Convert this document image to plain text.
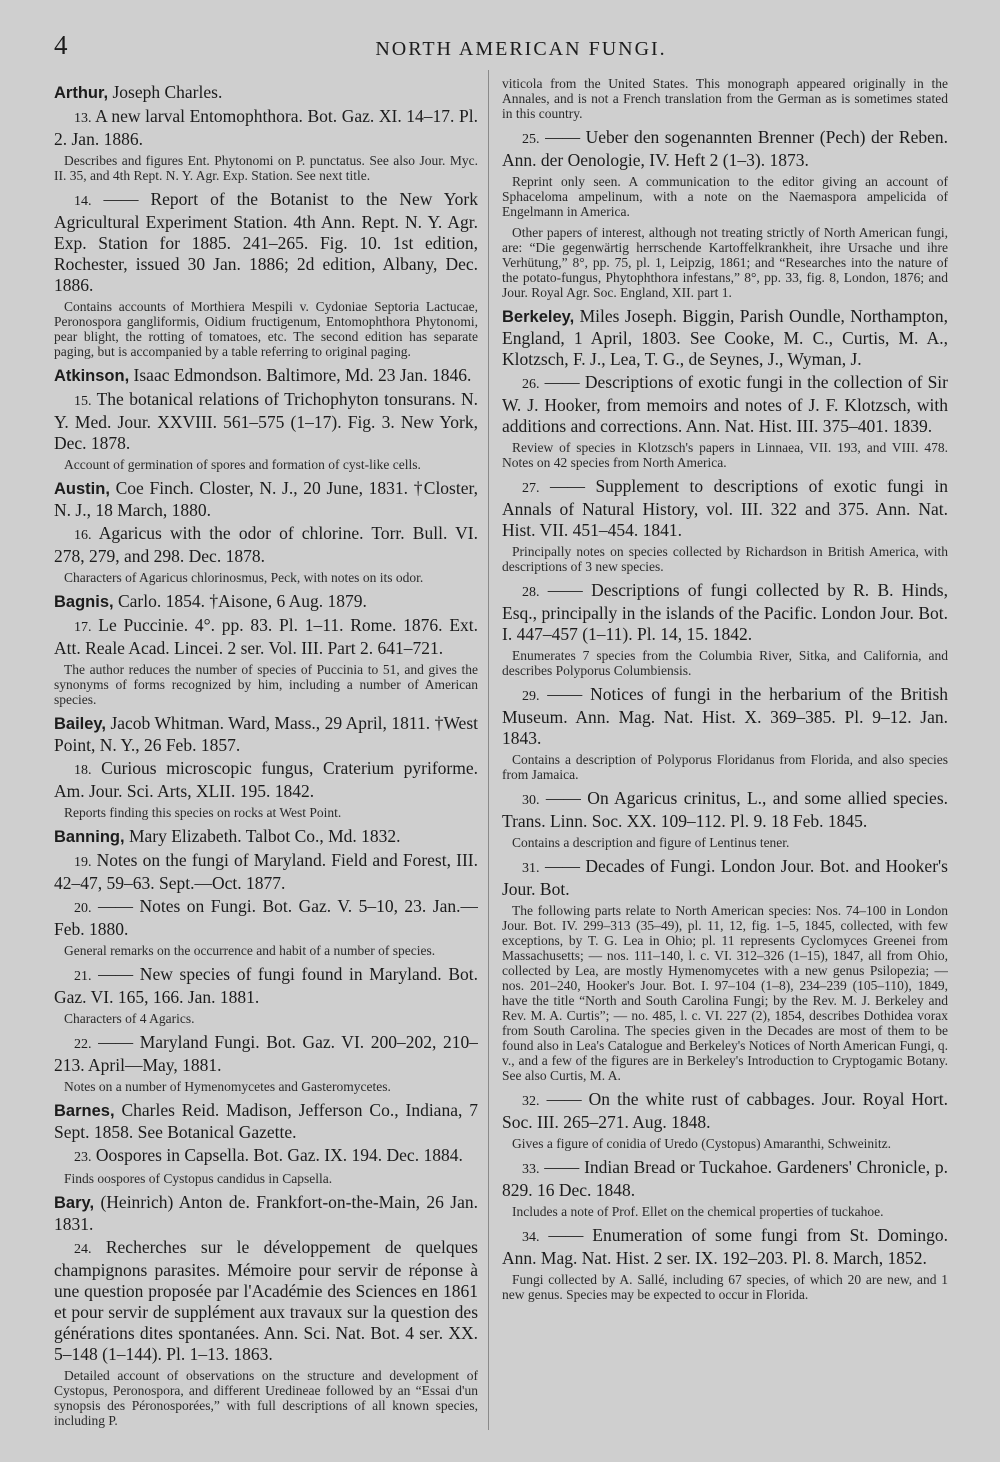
4	NORTH AMERICAN FUNGI.

Arthur, Joseph Charles.

13. A new larval Entomophthora. Bot. Gaz. XI. 14–17. Pl. 2. Jan. 1886.

Describes and figures Ent. Phytonomi on P. punctatus. See also Jour. Myc. II. 35, and 4th Rept. N. Y. Agr. Exp. Station. See next title.

14. —— Report of the Botanist to the New York Agricultural Experiment Station. 4th Ann. Rept. N. Y. Agr. Exp. Station for 1885. 241–265. Fig. 10. 1st edition, Rochester, issued 30 Jan. 1886; 2d edition, Albany, Dec. 1886.

Contains accounts of Morthiera Mespili v. Cydoniae Septoria Lactucae, Peronospora gangliformis, Oidium fructigenum, Entomophthora Phytonomi, pear blight, the rotting of tomatoes, etc. The second edition has separate paging, but is accompanied by a table referring to original paging.

Atkinson, Isaac Edmondson. Baltimore, Md. 23 Jan. 1846.

15. The botanical relations of Trichophyton tonsurans. N. Y. Med. Jour. XXVIII. 561–575 (1–17). Fig. 3. New York, Dec. 1878.

Account of germination of spores and formation of cyst-like cells.

Austin, Coe Finch. Closter, N. J., 20 June, 1831. †Closter, N. J., 18 March, 1880.

16. Agaricus with the odor of chlorine. Torr. Bull. VI. 278, 279, and 298. Dec. 1878.

Characters of Agaricus chlorinosmus, Peck, with notes on its odor.

Bagnis, Carlo. 1854. †Aisone, 6 Aug. 1879.

17. Le Puccinie. 4°. pp. 83. Pl. 1–11. Rome. 1876. Ext. Att. Reale Acad. Lincei. 2 ser. Vol. III. Part 2. 641–721.

The author reduces the number of species of Puccinia to 51, and gives the synonyms of forms recognized by him, including a number of American species.

Bailey, Jacob Whitman. Ward, Mass., 29 April, 1811. †West Point, N. Y., 26 Feb. 1857.

18. Curious microscopic fungus, Craterium pyriforme. Am. Jour. Sci. Arts, XLII. 195. 1842.

Reports finding this species on rocks at West Point.

Banning, Mary Elizabeth. Talbot Co., Md. 1832.

19. Notes on the fungi of Maryland. Field and Forest, III. 42–47, 59–63. Sept.—Oct. 1877.

20. —— Notes on Fungi. Bot. Gaz. V. 5–10, 23. Jan.—Feb. 1880.

General remarks on the occurrence and habit of a number of species.

21. —— New species of fungi found in Maryland. Bot. Gaz. VI. 165, 166. Jan. 1881.

Characters of 4 Agarics.

22. —— Maryland Fungi. Bot. Gaz. VI. 200–202, 210–213. April—May, 1881.

Notes on a number of Hymenomycetes and Gasteromycetes.

Barnes, Charles Reid. Madison, Jefferson Co., Indiana, 7 Sept. 1858. See Botanical Gazette.

23. Oospores in Capsella. Bot. Gaz. IX. 194. Dec. 1884.

Finds oospores of Cystopus candidus in Capsella.

Bary, (Heinrich) Anton de. Frankfort-on-the-Main, 26 Jan. 1831.

24. Recherches sur le développement de quelques champignons parasites. Mémoire pour servir de réponse à une question proposée par l'Académie des Sciences en 1861 et pour servir de supplément aux travaux sur la question des générations dites spontanées. Ann. Sci. Nat. Bot. 4 ser. XX. 5–148 (1–144). Pl. 1–13. 1863.

Detailed account of observations on the structure and development of Cystopus, Peronospora, and different Uredineae followed by an “Essai d'un synopsis des Péronosporées,” with full descriptions of all known species, including P.

viticola from the United States. This monograph appeared originally in the Annales, and is not a French translation from the German as is sometimes stated in this country.

25. —— Ueber den sogenannten Brenner (Pech) der Reben. Ann. der Oenologie, IV. Heft 2 (1–3). 1873.

Reprint only seen. A communication to the editor giving an account of Sphaceloma ampelinum, with a note on the Naemaspora ampelicida of Engelmann in America.

Other papers of interest, although not treating strictly of North American fungi, are: “Die gegenwärtig herrschende Kartoffelkrankheit, ihre Ursache und ihre Verhütung,” 8°, pp. 75, pl. 1, Leipzig, 1861; and “Researches into the nature of the potato-fungus, Phytophthora infestans,” 8°, pp. 33, fig. 8, London, 1876; and Jour. Royal Agr. Soc. England, XII. part 1.

Berkeley, Miles Joseph. Biggin, Parish Oundle, Northampton, England, 1 April, 1803. See Cooke, M. C., Curtis, M. A., Klotzsch, F. J., Lea, T. G., de Seynes, J., Wyman, J.

26. —— Descriptions of exotic fungi in the collection of Sir W. J. Hooker, from memoirs and notes of J. F. Klotzsch, with additions and corrections. Ann. Nat. Hist. III. 375–401. 1839.

Review of species in Klotzsch's papers in Linnaea, VII. 193, and VIII. 478. Notes on 42 species from North America.

27. —— Supplement to descriptions of exotic fungi in Annals of Natural History, vol. III. 322 and 375. Ann. Nat. Hist. VII. 451–454. 1841.

Principally notes on species collected by Richardson in British America, with descriptions of 3 new species.

28. —— Descriptions of fungi collected by R. B. Hinds, Esq., principally in the islands of the Pacific. London Jour. Bot. I. 447–457 (1–11). Pl. 14, 15. 1842.

Enumerates 7 species from the Columbia River, Sitka, and California, and describes Polyporus Columbiensis.

29. —— Notices of fungi in the herbarium of the British Museum. Ann. Mag. Nat. Hist. X. 369–385. Pl. 9–12. Jan. 1843.

Contains a description of Polyporus Floridanus from Florida, and also species from Jamaica.

30. —— On Agaricus crinitus, L., and some allied species. Trans. Linn. Soc. XX. 109–112. Pl. 9. 18 Feb. 1845.

Contains a description and figure of Lentinus tener.

31. —— Decades of Fungi. London Jour. Bot. and Hooker's Jour. Bot.

The following parts relate to North American species: Nos. 74–100 in London Jour. Bot. IV. 299–313 (35–49), pl. 11, 12, fig. 1–5, 1845, collected, with few exceptions, by T. G. Lea in Ohio; pl. 11 represents Cyclomyces Greenei from Massachusetts; — nos. 111–140, l. c. VI. 312–326 (1–15), 1847, all from Ohio, collected by Lea, are mostly Hymenomycetes with a new genus Psilopezia; — nos. 201–240, Hooker's Jour. Bot. I. 97–104 (1–8), 234–239 (105–110), 1849, have the title “North and South Carolina Fungi; by the Rev. M. J. Berkeley and Rev. M. A. Curtis”; — no. 485, l. c. VI. 227 (2), 1854, describes Dothidea vorax from South Carolina. The species given in the Decades are most of them to be found also in Lea's Catalogue and Berkeley's Notices of North American Fungi, q. v., and a few of the figures are in Berkeley's Introduction to Cryptogamic Botany. See also Curtis, M. A.

32. —— On the white rust of cabbages. Jour. Royal Hort. Soc. III. 265–271. Aug. 1848.

Gives a figure of conidia of Uredo (Cystopus) Amaranthi, Schweinitz.

33. —— Indian Bread or Tuckahoe. Gardeners' Chronicle, p. 829. 16 Dec. 1848.

Includes a note of Prof. Ellet on the chemical properties of tuckahoe.

34. —— Enumeration of some fungi from St. Domingo. Ann. Mag. Nat. Hist. 2 ser. IX. 192–203. Pl. 8. March, 1852.

Fungi collected by A. Sallé, including 67 species, of which 20 are new, and 1 new genus. Species may be expected to occur in Florida.
